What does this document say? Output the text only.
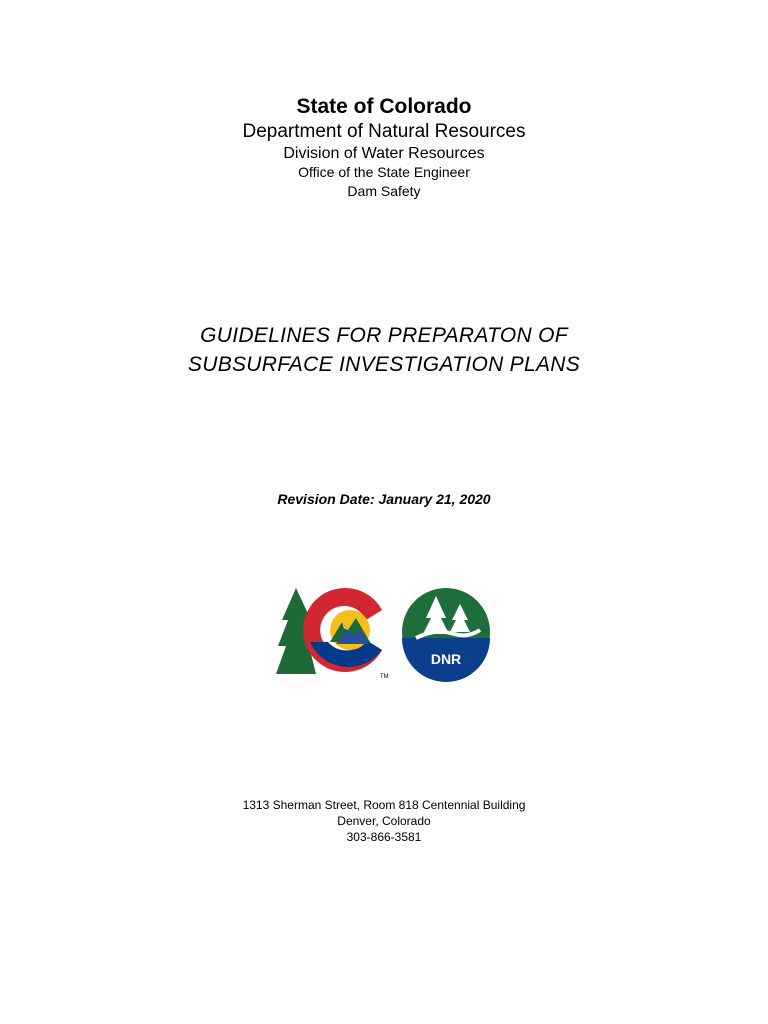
State of Colorado
Department of Natural Resources
Division of Water Resources
Office of the State Engineer
Dam Safety
GUIDELINES FOR PREPARATON OF
SUBSURFACE INVESTIGATION PLANS
Revision Date: January 21, 2020
TM
DNR
1313 Sherman Street, Room 818 Centennial Building
Denver, Colorado
303-866-3581
